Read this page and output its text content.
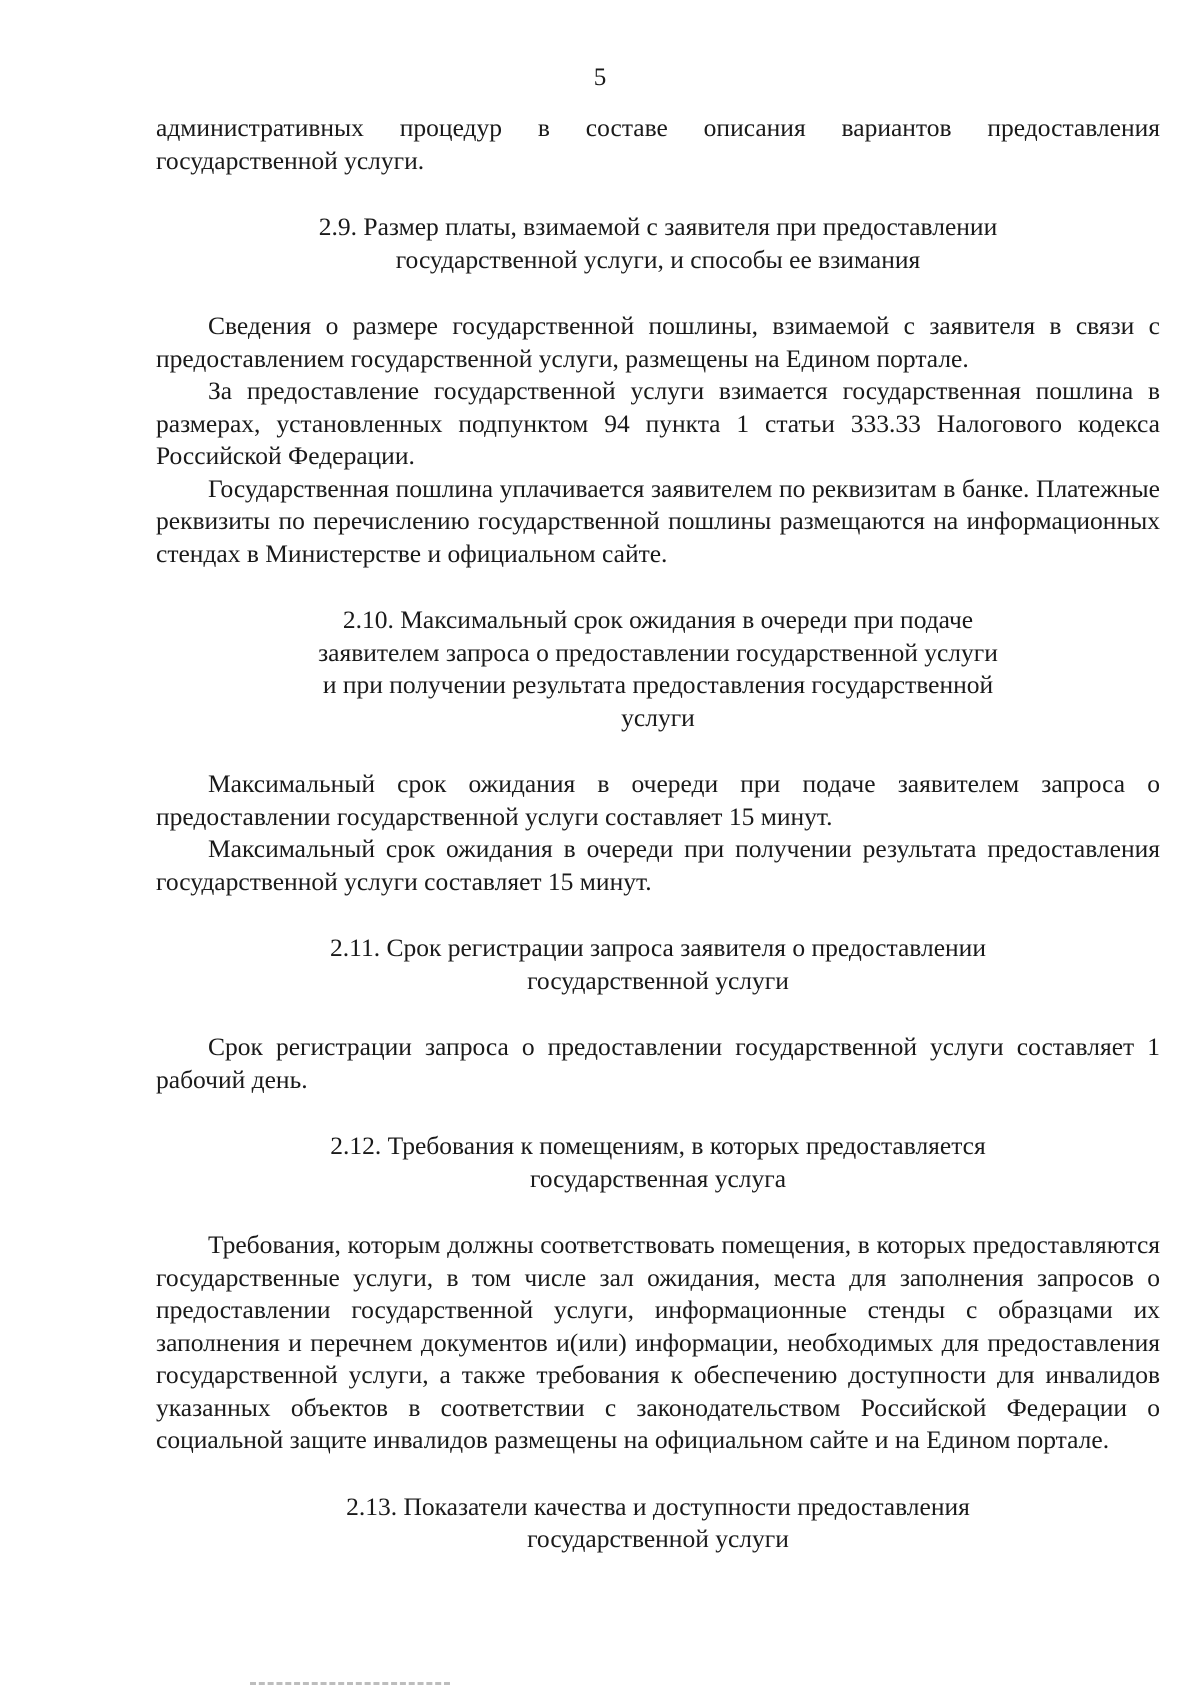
5

административных процедур в составе описания вариантов предоставления государственной услуги.

2.9. Размер платы, взимаемой с заявителя при предоставлении
государственной услуги, и способы ее взимания

Сведения о размере государственной пошлины, взимаемой с заявителя в связи с предоставлением государственной услуги, размещены на Едином портале.

За предоставление государственной услуги взимается государственная пошлина в размерах, установленных подпунктом 94 пункта 1 статьи 333.33 Налогового кодекса Российской Федерации.

Государственная пошлина уплачивается заявителем по реквизитам в банке. Платежные реквизиты по перечислению государственной пошлины размещаются на информационных стендах в Министерстве и официальном сайте.

2.10. Максимальный срок ожидания в очереди при подаче
заявителем запроса о предоставлении государственной услуги
и при получении результата предоставления государственной
услуги

Максимальный срок ожидания в очереди при подаче заявителем запроса о предоставлении государственной услуги составляет 15 минут.

Максимальный срок ожидания в очереди при получении результата предоставления государственной услуги составляет 15 минут.

2.11. Срок регистрации запроса заявителя о предоставлении
государственной услуги

Срок регистрации запроса о предоставлении государственной услуги составляет 1 рабочий день.

2.12. Требования к помещениям, в которых предоставляется
государственная услуга

Требования, которым должны соответствовать помещения, в которых предоставляются государственные услуги, в том числе зал ожидания, места для заполнения запросов о предоставлении государственной услуги, информационные стенды с образцами их заполнения и перечнем документов и(или) информации, необходимых для предоставления государственной услуги, а также требования к обеспечению доступности для инвалидов указанных объектов в соответствии с законодательством Российской Федерации о социальной защите инвалидов размещены на официальном сайте и на Едином портале.

2.13. Показатели качества и доступности предоставления
государственной услуги
